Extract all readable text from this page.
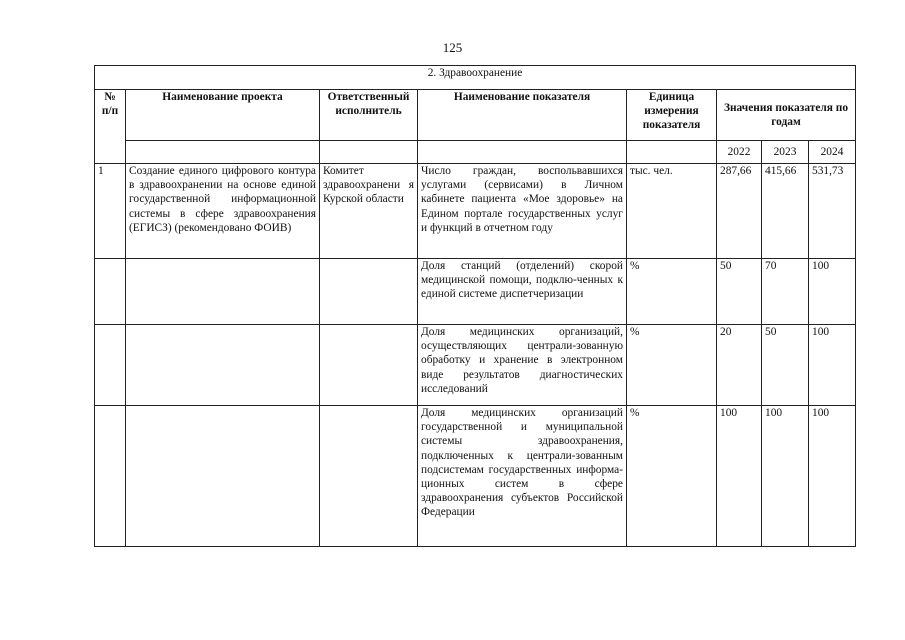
125
2. Здравоохранение							
№ п/п	Наименование проекта	Ответственный исполнитель	Наименование показателя	Единица измерения показателя	Значения показателя по годам		
					2022	2023	2024
1	Создание единого цифрового контура в здравоохранении на основе единой государственной информационной системы в сфере здравоохранения (ЕГИСЗ) (рекомендовано ФОИВ)	Комитет здравоохранени я Курской области	Число граждан, воспольвавшихся услугами (сервисами) в Личном кабинете пациента «Мое здоровье» на Едином портале государственных услуг и функций в отчетном году	тыс. чел.	287,66	415,66	531,73
			Доля станций (отделений) скорой медицинской помощи, подклю-ченных к единой системе диспетчеризации	%	50	70	100
			Доля медицинских организаций, осуществляющих централи-зованную обработку и хранение в электронном виде результатов диагностических исследований	%	20	50	100
			Доля медицинских организаций государственной и муниципальной системы здравоохранения, подключенных к централи-зованным подсистемам государственных информа-ционных систем в сфере здравоохранения субъектов Российской Федерации	%	100	100	100
